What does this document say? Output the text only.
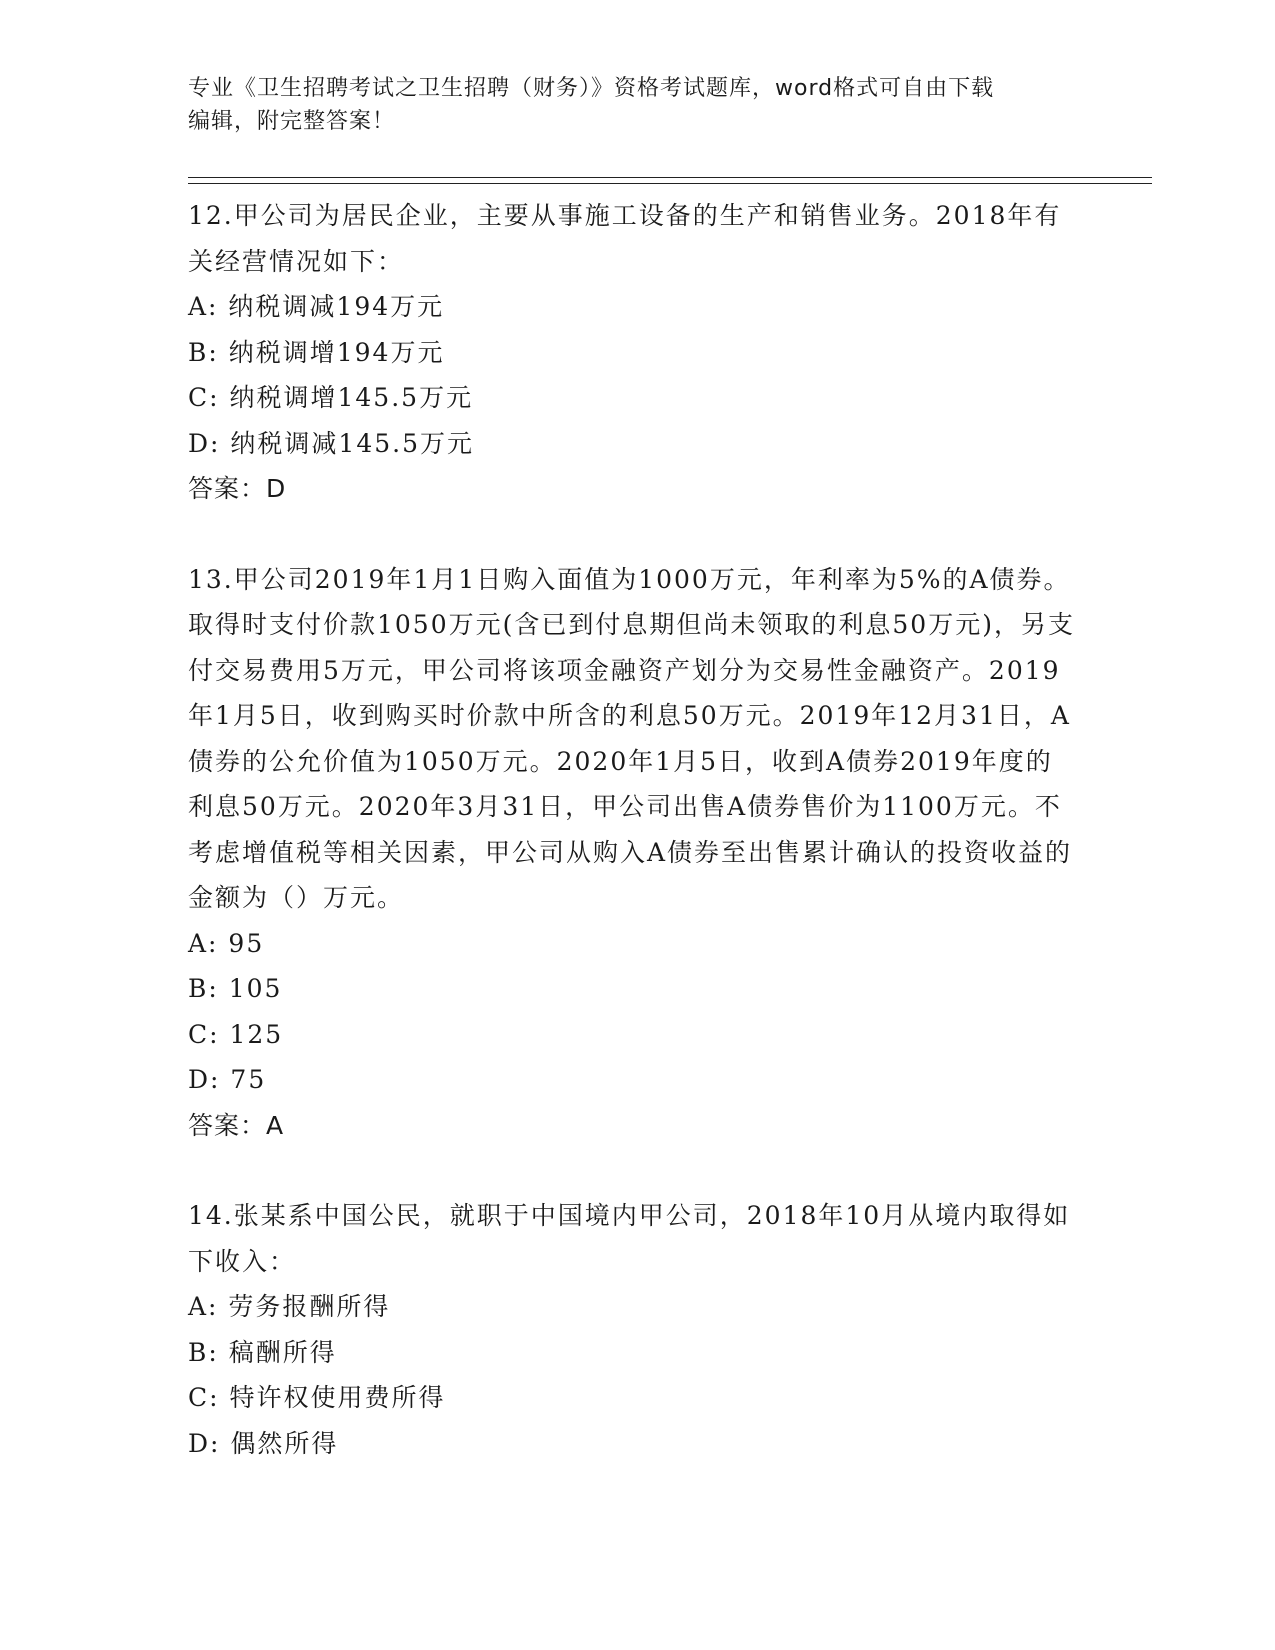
专业《卫生招聘考试之卫生招聘（财务）》资格考试题库，word格式可自由下载
编辑，附完整答案！
12.甲公司为居民企业，主要从事施工设备的生产和销售业务。2018年有关经营情况如下：
A: 纳税调减194万元
B: 纳税调增194万元
C: 纳税调增145.5万元
D: 纳税调减145.5万元
答案：D
13.甲公司2019年1月1日购入面值为1000万元，年利率为5%的A债券。取得时支付价款1050万元(含已到付息期但尚未领取的利息50万元)，另支付交易费用5万元，甲公司将该项金融资产划分为交易性金融资产。2019年1月5日，收到购买时价款中所含的利息50万元。2019年12月31日，A债券的公允价值为1050万元。2020年1月5日，收到A债券2019年度的利息50万元。2020年3月31日，甲公司出售A债券售价为1100万元。不考虑增值税等相关因素，甲公司从购入A债券至出售累计确认的投资收益的金额为（）万元。
A: 95
B: 105
C: 125
D: 75
答案：A
14.张某系中国公民，就职于中国境内甲公司，2018年10月从境内取得如下收入：
A: 劳务报酬所得
B: 稿酬所得
C: 特许权使用费所得
D: 偶然所得
